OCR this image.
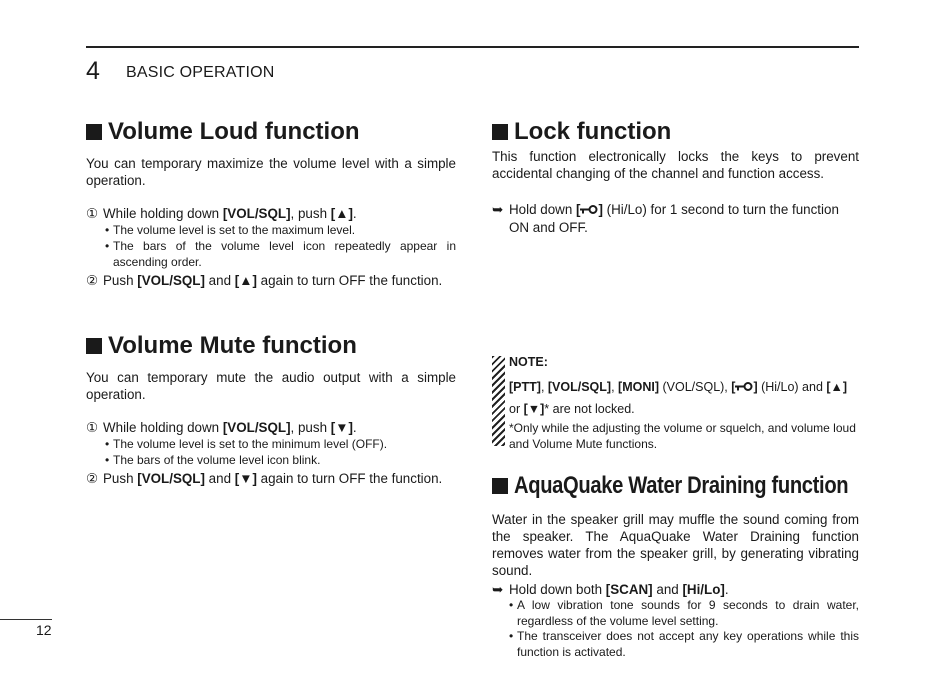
4 BASIC OPERATION
Volume Loud function

You can temporary maximize the volume level with a simple operation.

① While holding down [VOL/SQL], push [▲].
• The volume level is set to the maximum level.
• The bars of the volume level icon repeatedly appear in ascending order.
② Push [VOL/SQL] and [▲] again to turn OFF the function.
Volume Mute function

You can temporary mute the audio output with a simple operation.

① While holding down [VOL/SQL], push [▼].
• The volume level is set to the minimum level (OFF).
• The bars of the volume level icon blink.
② Push [VOL/SQL] and [▼] again to turn OFF the function.
Lock function

This function electronically locks the keys to prevent accidental changing of the channel and function access.

➥ Hold down [ ] (Hi/Lo) for 1 second to turn the function ON and OFF.
NOTE:
[PTT], [VOL/SQL], [MONI] (VOL/SQL), [ ] (Hi/Lo) and [▲]
or [▼]* are not locked.
*Only while the adjusting the volume or squelch, and volume loud and Volume Mute functions.
AquaQuake Water Draining function

Water in the speaker grill may muffle the sound coming from the speaker. The AquaQuake Water Draining function removes water from the speaker grill, by generating vibrating sound.

➥ Hold down both [SCAN] and [Hi/Lo].
• A low vibration tone sounds for 9 seconds to drain water, regardless of the volume level setting.
• The transceiver does not accept any key operations while this function is activated.
12
